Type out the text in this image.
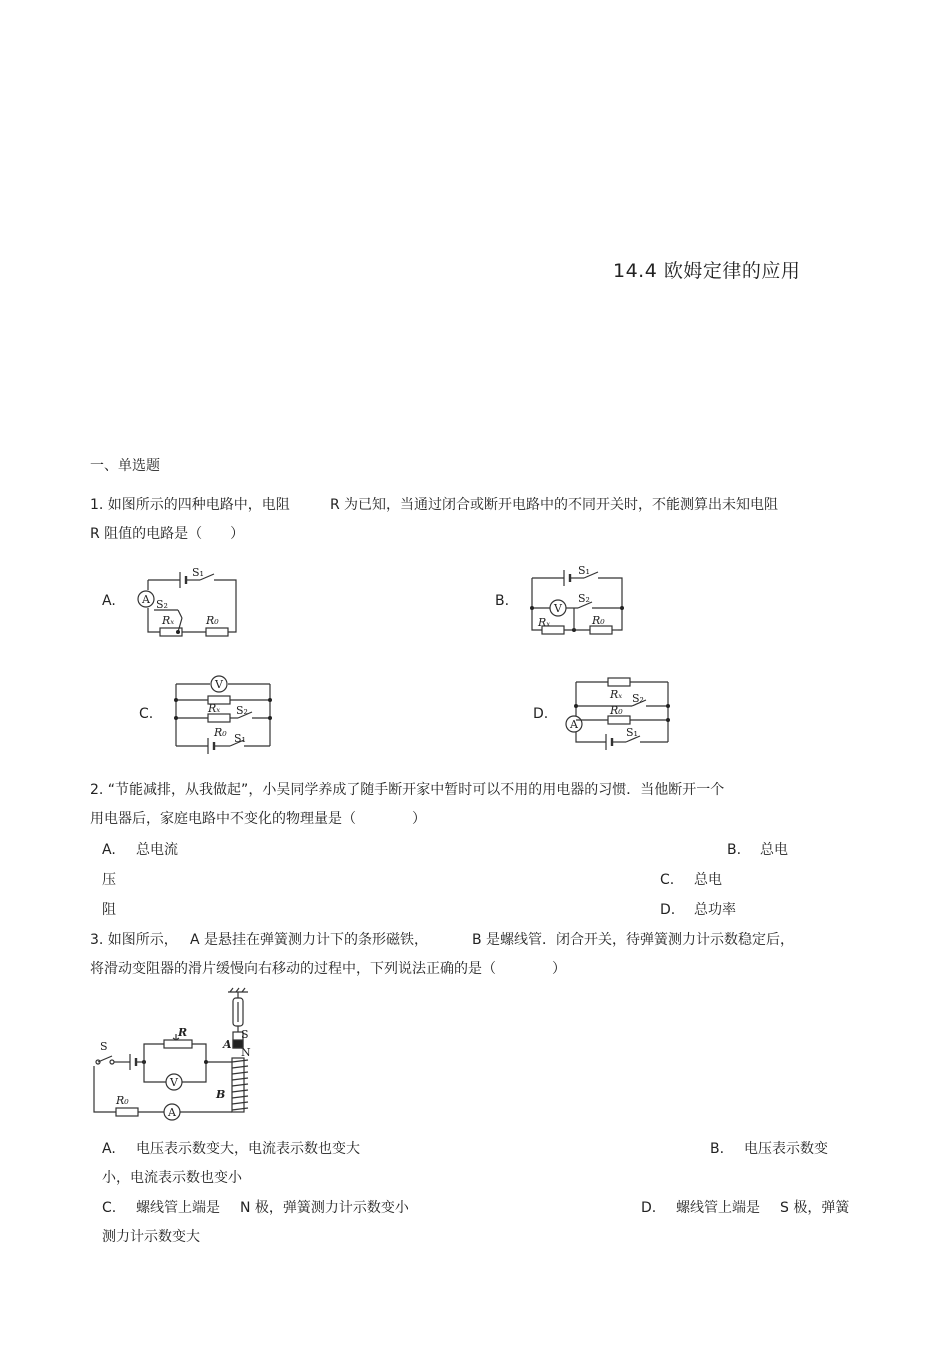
14.4 欧姆定律的应用
一、单选题
1. 如图所示的四种电路中，电阻	R 为已知，当通过闭合或断开电路中的不同开关时，不能测算出未知电阻
R 阻值的电路是（　　）
A.	B.
C.	D.
S₁
A S₂
Rₓ	R₀
S₁
V
S₂
Rₓ	R₀
V
Rₓ S₂
R₀ S₁
Rₓ S₂
R₀
A
S₁
2. “节能减排，从我做起”，小吴同学养成了随手断开家中暂时可以不用的用电器的习惯．当他断开一个
用电器后，家庭电路中不变化的物理量是（　　　　）
A. 总电流	B. 总电
压	C. 总电
阻	D. 总功率
3. 如图所示， A 是悬挂在弹簧测力计下的条形磁铁，	B 是螺线管．闭合开关，待弹簧测力计示数稳定后，
将滑动变阻器的滑片缓慢向右移动的过程中，下列说法正确的是（　　　　）
S
N
A
B
S
R
V
R₀
A
A. 电压表示数变大，电流表示数也变大	B. 电压表示数变
小，电流表示数也变小
C. 螺线管上端是 N 极，弹簧测力计示数变小	D. 螺线管上端是 S 极，弹簧
测力计示数变大
